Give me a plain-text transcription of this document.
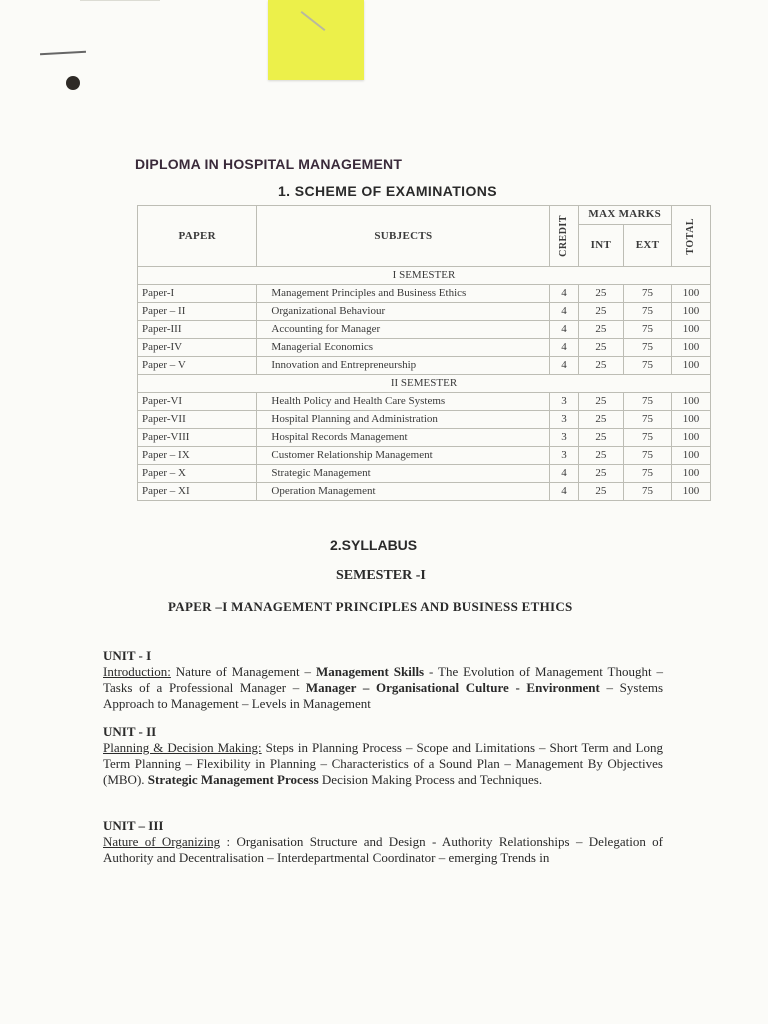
DIPLOMA IN HOSPITAL MANAGEMENT
1. SCHEME OF EXAMINATIONS
PAPER	SUBJECTS	CREDIT	MAX MARKS		TOTAL

			INT	EXT	
I SEMESTER					
Paper-I	Management Principles and Business Ethics	4	25	75	100
Paper – II	Organizational Behaviour	4	25	75	100
Paper-III	Accounting for Manager	4	25	75	100
Paper-IV	Managerial Economics	4	25	75	100
Paper – V	Innovation and Entrepreneurship	4	25	75	100
II SEMESTER					
Paper-VI	Health Policy and Health Care Systems	3	25	75	100
Paper-VII	Hospital Planning and Administration	3	25	75	100
Paper-VIII	Hospital Records Management	3	25	75	100
Paper – IX	Customer Relationship Management	3	25	75	100
Paper – X	Strategic Management	4	25	75	100
Paper – XI	Operation Management	4	25	75	100
2.SYLLABUS
SEMESTER -I
PAPER –I MANAGEMENT PRINCIPLES AND BUSINESS ETHICS
UNIT - I
Introduction: Nature of Management – Management Skills - The Evolution of Management Thought – Tasks of a Professional Manager – Manager – Organisational Culture - Environment – Systems Approach to Management – Levels in Management
UNIT - II
Planning & Decision Making: Steps in Planning Process – Scope and Limitations – Short Term and Long Term Planning – Flexibility in Planning – Characteristics of a Sound Plan – Management By Objectives (MBO). Strategic Management Process Decision Making Process and Techniques.
UNIT – III
Nature of Organizing : Organisation Structure and Design - Authority Relationships – Delegation of Authority and Decentralisation – Interdepartmental Coordinator – emerging Trends in
